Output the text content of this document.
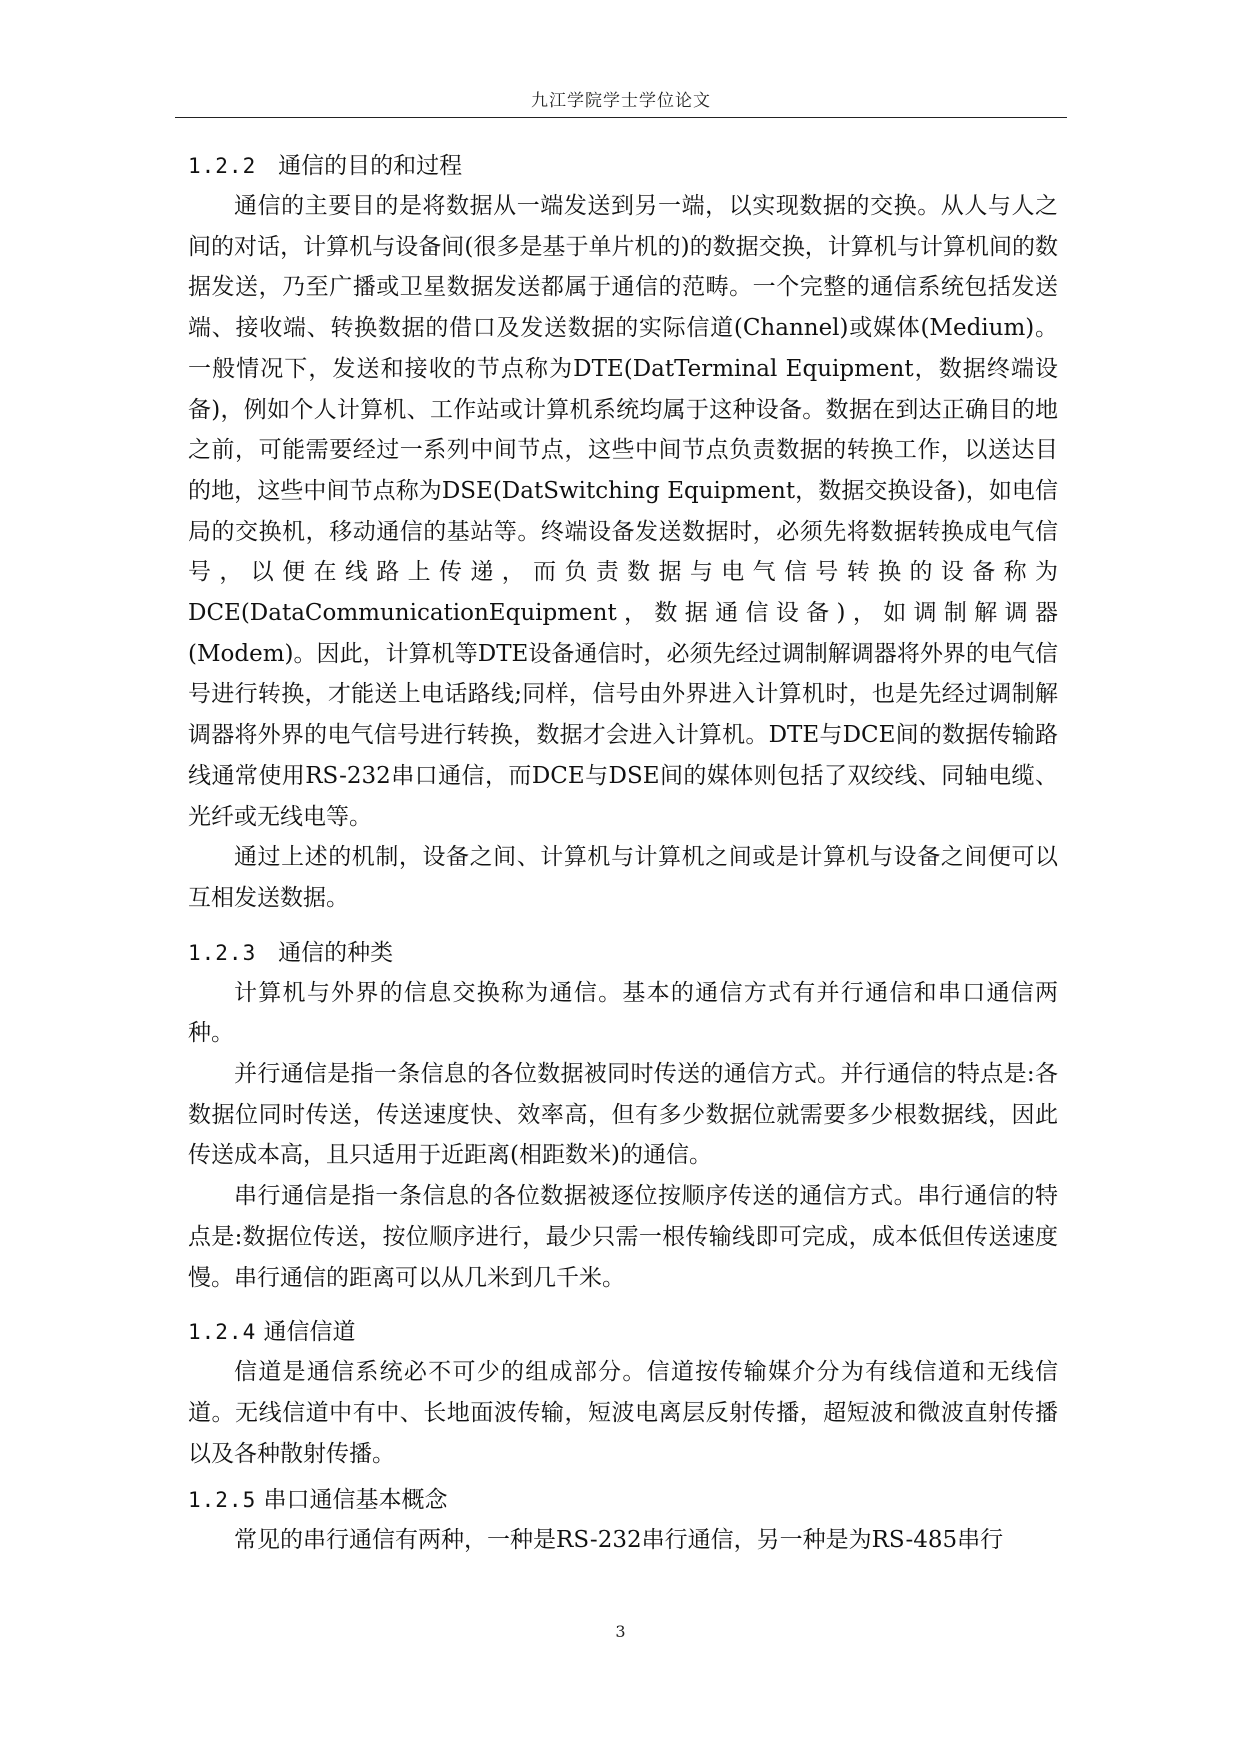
九江学院学士学位论文
1.2.2 通信的目的和过程

通信的主要目的是将数据从一端发送到另一端，以实现数据的交换。从人与人之间的对话，计算机与设备间(很多是基于单片机的)的数据交换，计算机与计算机间的数据发送，乃至广播或卫星数据发送都属于通信的范畴。一个完整的通信系统包括发送端、接收端、转换数据的借口及发送数据的实际信道(Channel)或媒体(Medium)。一般情况下，发送和接收的节点称为DTE(DatTerminal Equipment，数据终端设备)，例如个人计算机、工作站或计算机系统均属于这种设备。数据在到达正确目的地之前，可能需要经过一系列中间节点，这些中间节点负责数据的转换工作，以送达目的地，这些中间节点称为DSE(DatSwitching Equipment，数据交换设备)，如电信局的交换机，移动通信的基站等。终端设备发送数据时，必须先将数据转换成电气信号，以便在线路上传递，而负责数据与电气信号转换的设备称为DCE(DataCommunicationEquipment，数据通信设备)，如调制解调器(Modem)。因此，计算机等DTE设备通信时，必须先经过调制解调器将外界的电气信号进行转换，才能送上电话路线;同样，信号由外界进入计算机时，也是先经过调制解调器将外界的电气信号进行转换，数据才会进入计算机。DTE与DCE间的数据传输路线通常使用RS-232串口通信，而DCE与DSE间的媒体则包括了双绞线、同轴电缆、光纤或无线电等。

通过上述的机制，设备之间、计算机与计算机之间或是计算机与设备之间便可以互相发送数据。

1.2.3 通信的种类

计算机与外界的信息交换称为通信。基本的通信方式有并行通信和串口通信两种。

并行通信是指一条信息的各位数据被同时传送的通信方式。并行通信的特点是:各数据位同时传送，传送速度快、效率高，但有多少数据位就需要多少根数据线，因此传送成本高，且只适用于近距离(相距数米)的通信。

串行通信是指一条信息的各位数据被逐位按顺序传送的通信方式。串行通信的特点是:数据位传送，按位顺序进行，最少只需一根传输线即可完成，成本低但传送速度慢。串行通信的距离可以从几米到几千米。

1.2.4 通信信道

信道是通信系统必不可少的组成部分。信道按传输媒介分为有线信道和无线信道。无线信道中有中、长地面波传输，短波电离层反射传播，超短波和微波直射传播以及各种散射传播。

1.2.5 串口通信基本概念

常见的串行通信有两种，一种是RS-232串行通信，另一种是为RS-485串行

3
